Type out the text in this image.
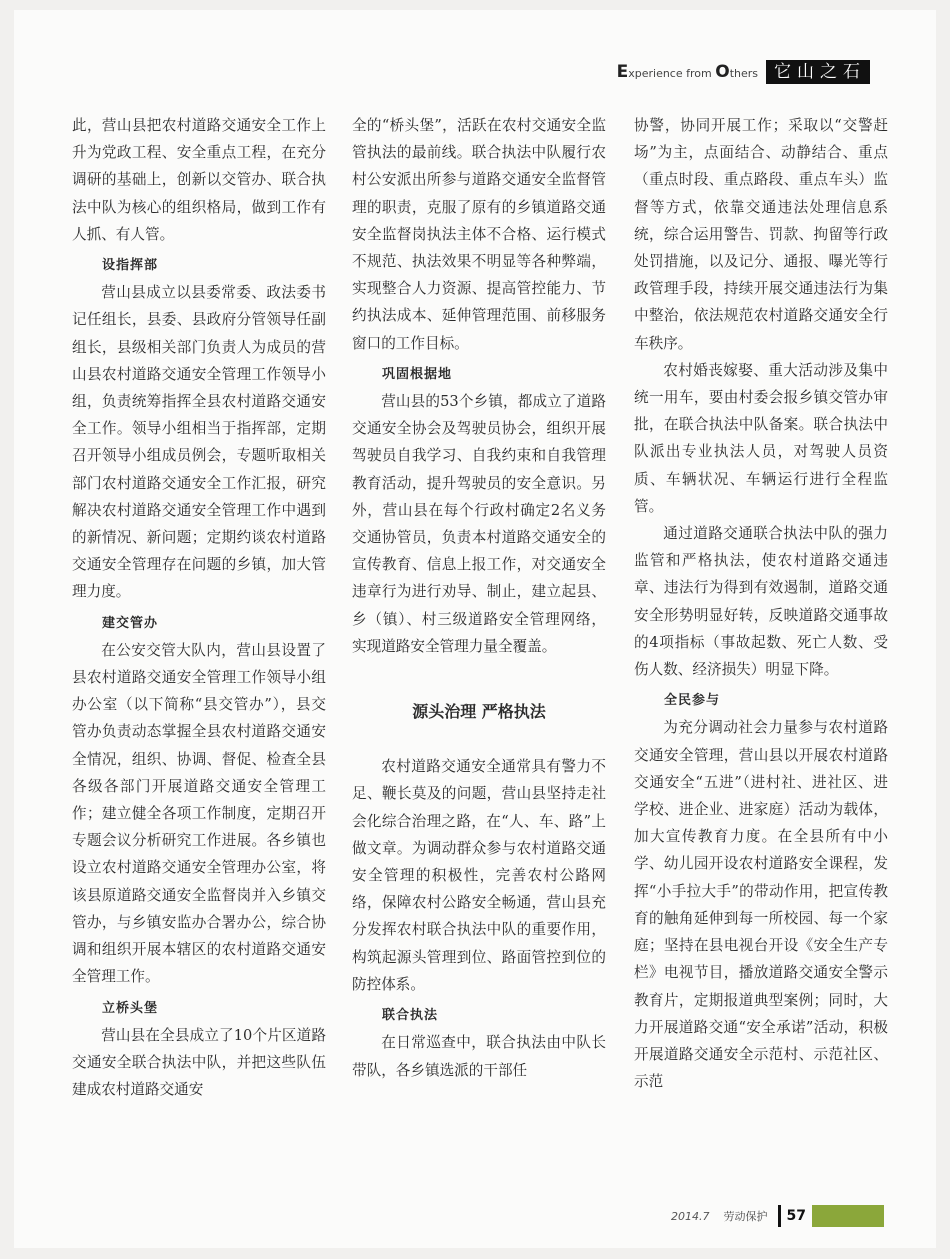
Experience from Others 它山之石

此，营山县把农村道路交通安全工作上升为党政工程、安全重点工程，在充分调研的基础上，创新以交管办、联合执法中队为核心的组织格局，做到工作有人抓、有人管。

设指挥部

营山县成立以县委常委、政法委书记任组长，县委、县政府分管领导任副组长，县级相关部门负责人为成员的营山县农村道路交通安全管理工作领导小组，负责统筹指挥全县农村道路交通安全工作。领导小组相当于指挥部，定期召开领导小组成员例会，专题听取相关部门农村道路交通安全工作汇报，研究解决农村道路交通安全管理工作中遇到的新情况、新问题；定期约谈农村道路交通安全管理存在问题的乡镇，加大管理力度。

建交管办

在公安交管大队内，营山县设置了县农村道路交通安全管理工作领导小组办公室（以下简称“县交管办”），县交管办负责动态掌握全县农村道路交通安全情况，组织、协调、督促、检查全县各级各部门开展道路交通安全管理工作；建立健全各项工作制度，定期召开专题会议分析研究工作进展。各乡镇也设立农村道路交通安全管理办公室，将该县原道路交通安全监督岗并入乡镇交管办，与乡镇安监办合署办公，综合协调和组织开展本辖区的农村道路交通安全管理工作。

立桥头堡

营山县在全县成立了10个片区道路交通安全联合执法中队，并把这些队伍建成农村道路交通安

全的“桥头堡”，活跃在农村交通安全监管执法的最前线。联合执法中队履行农村公安派出所参与道路交通安全监督管理的职责，克服了原有的乡镇道路交通安全监督岗执法主体不合格、运行模式不规范、执法效果不明显等各种弊端，实现整合人力资源、提高管控能力、节约执法成本、延伸管理范围、前移服务窗口的工作目标。

巩固根据地

营山县的53个乡镇，都成立了道路交通安全协会及驾驶员协会，组织开展驾驶员自我学习、自我约束和自我管理教育活动，提升驾驶员的安全意识。另外，营山县在每个行政村确定2名义务交通协管员，负责本村道路交通安全的宣传教育、信息上报工作，对交通安全违章行为进行劝导、制止，建立起县、乡（镇）、村三级道路安全管理网络，实现道路安全管理力量全覆盖。

源头治理 严格执法

农村道路交通安全通常具有警力不足、鞭长莫及的问题，营山县坚持走社会化综合治理之路，在“人、车、路”上做文章。为调动群众参与农村道路交通安全管理的积极性，完善农村公路网络，保障农村公路安全畅通，营山县充分发挥农村联合执法中队的重要作用，构筑起源头管理到位、路面管控到位的防控体系。

联合执法

在日常巡查中，联合执法由中队长带队，各乡镇选派的干部任

协警，协同开展工作；采取以“交警赶场”为主，点面结合、动静结合、重点（重点时段、重点路段、重点车头）监督等方式，依靠交通违法处理信息系统，综合运用警告、罚款、拘留等行政处罚措施，以及记分、通报、曝光等行政管理手段，持续开展交通违法行为集中整治，依法规范农村道路交通安全行车秩序。

农村婚丧嫁娶、重大活动涉及集中统一用车，要由村委会报乡镇交管办审批，在联合执法中队备案。联合执法中队派出专业执法人员，对驾驶人员资质、车辆状况、车辆运行进行全程监管。

通过道路交通联合执法中队的强力监管和严格执法，使农村道路交通违章、违法行为得到有效遏制，道路交通安全形势明显好转，反映道路交通事故的4项指标（事故起数、死亡人数、受伤人数、经济损失）明显下降。

全民参与

为充分调动社会力量参与农村道路交通安全管理，营山县以开展农村道路交通安全“五进”（进村社、进社区、进学校、进企业、进家庭）活动为载体，加大宣传教育力度。在全县所有中小学、幼儿园开设农村道路安全课程，发挥“小手拉大手”的带动作用，把宣传教育的触角延伸到每一所校园、每一个家庭；坚持在县电视台开设《安全生产专栏》电视节目，播放道路交通安全警示教育片，定期报道典型案例；同时，大力开展道路交通“安全承诺”活动，积极开展道路交通安全示范村、示范社区、示范

2014.7 劳动保护 57
